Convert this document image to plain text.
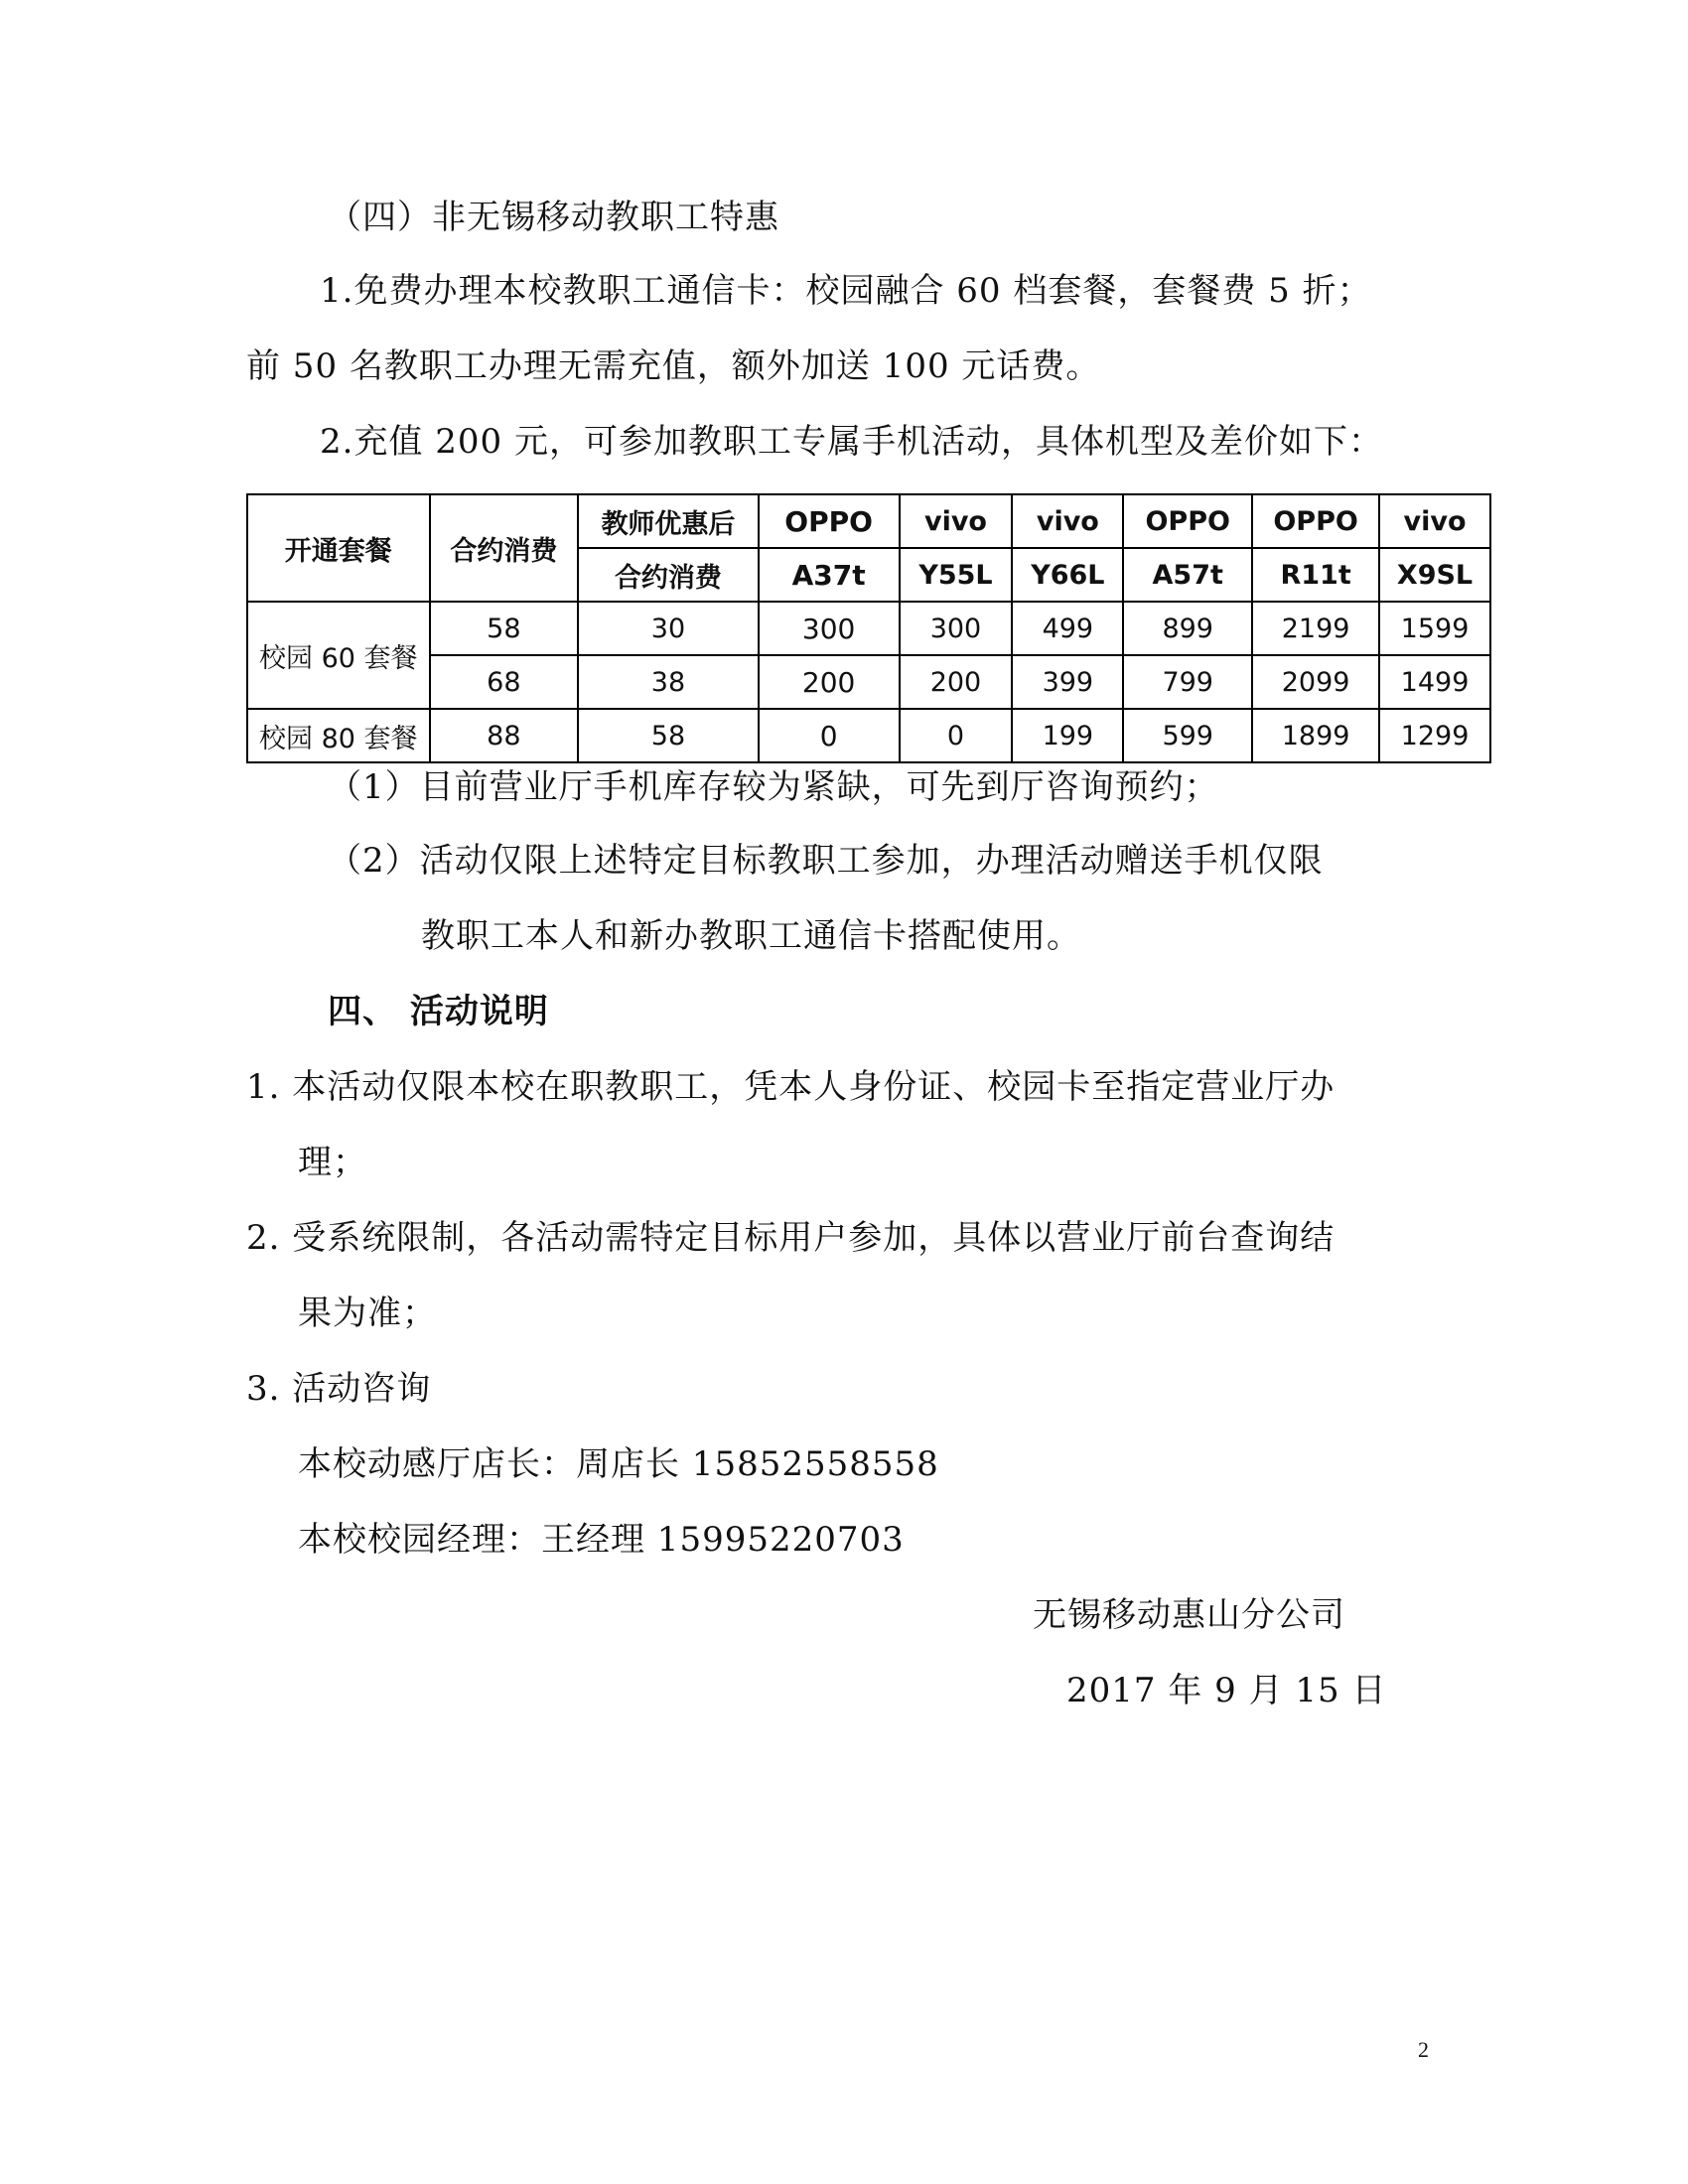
（四）非无锡移动教职工特惠
1.免费办理本校教职工通信卡：校园融合 60 档套餐，套餐费 5 折；
前 50 名教职工办理无需充值，额外加送 100 元话费。
2.充值 200 元，可参加教职工专属手机活动，具体机型及差价如下：
开通套餐	合约消费	教师优惠后	OPPO	vivo	vivo	OPPO	OPPO	vivo
		合约消费	A37t	Y55L	Y66L	A57t	R11t	X9SL
校园 60 套餐	58	30	300	300	499	899	2199	1599
	68	38	200	200	399	799	2099	1499
校园 80 套餐	88	58	0	0	199	599	1899	1299
（1）目前营业厅手机库存较为紧缺，可先到厅咨询预约；
（2）活动仅限上述特定目标教职工参加，办理活动赠送手机仅限
教职工本人和新办教职工通信卡搭配使用。
四、 活动说明
1. 本活动仅限本校在职教职工，凭本人身份证、校园卡至指定营业厅办
理；
2. 受系统限制，各活动需特定目标用户参加，具体以营业厅前台查询结
果为准；
3. 活动咨询
本校动感厅店长：周店长 15852558558
本校校园经理：王经理 15995220703
无锡移动惠山分公司
2017 年 9 月 15 日
2
